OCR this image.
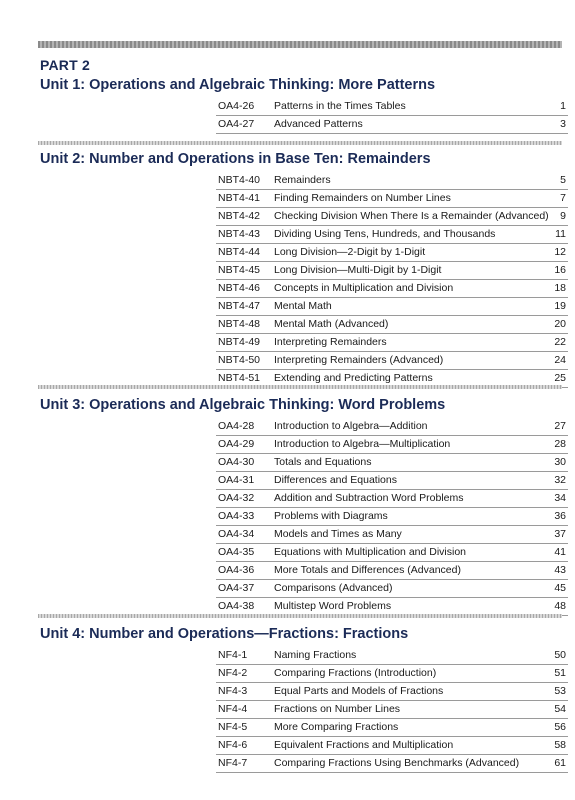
PART 2
Unit 1: Operations and Algebraic Thinking: More Patterns
OA4-26 Patterns in the Times Tables	1
OA4-27 Advanced Patterns	3
Unit 2: Number and Operations in Base Ten: Remainders
NBT4-40 Remainders	5
NBT4-41 Finding Remainders on Number Lines	7
NBT4-42 Checking Division When There Is a Remainder (Advanced) 9
NBT4-43 Dividing Using Tens, Hundreds, and Thousands	11
NBT4-44 Long Division—2-Digit by 1-Digit	12
NBT4-45 Long Division—Multi-Digit by 1-Digit	16
NBT4-46 Concepts in Multiplication and Division	18
NBT4-47 Mental Math	19
NBT4-48 Mental Math (Advanced)	20
NBT4-49 Interpreting Remainders	22
NBT4-50 Interpreting Remainders (Advanced)	24
NBT4-51 Extending and Predicting Patterns	25
Unit 3: Operations and Algebraic Thinking: Word Problems
OA4-28 Introduction to Algebra—Addition	27
OA4-29 Introduction to Algebra—Multiplication	28
OA4-30 Totals and Equations	30
OA4-31 Differences and Equations	32
OA4-32 Addition and Subtraction Word Problems	34
OA4-33 Problems with Diagrams	36
OA4-34 Models and Times as Many	37
OA4-35 Equations with Multiplication and Division	41
OA4-36 More Totals and Differences (Advanced)	43
OA4-37 Comparisons (Advanced)	45
OA4-38 Multistep Word Problems	48
Unit 4: Number and Operations—Fractions: Fractions
NF4-1	Naming Fractions	50
NF4-2	Comparing Fractions (Introduction)	51
NF4-3	Equal Parts and Models of Fractions	53
NF4-4	Fractions on Number Lines	54
NF4-5	More Comparing Fractions	56
NF4-6	Equivalent Fractions and Multiplication	58
NF4-7	Comparing Fractions Using Benchmarks (Advanced)	61
